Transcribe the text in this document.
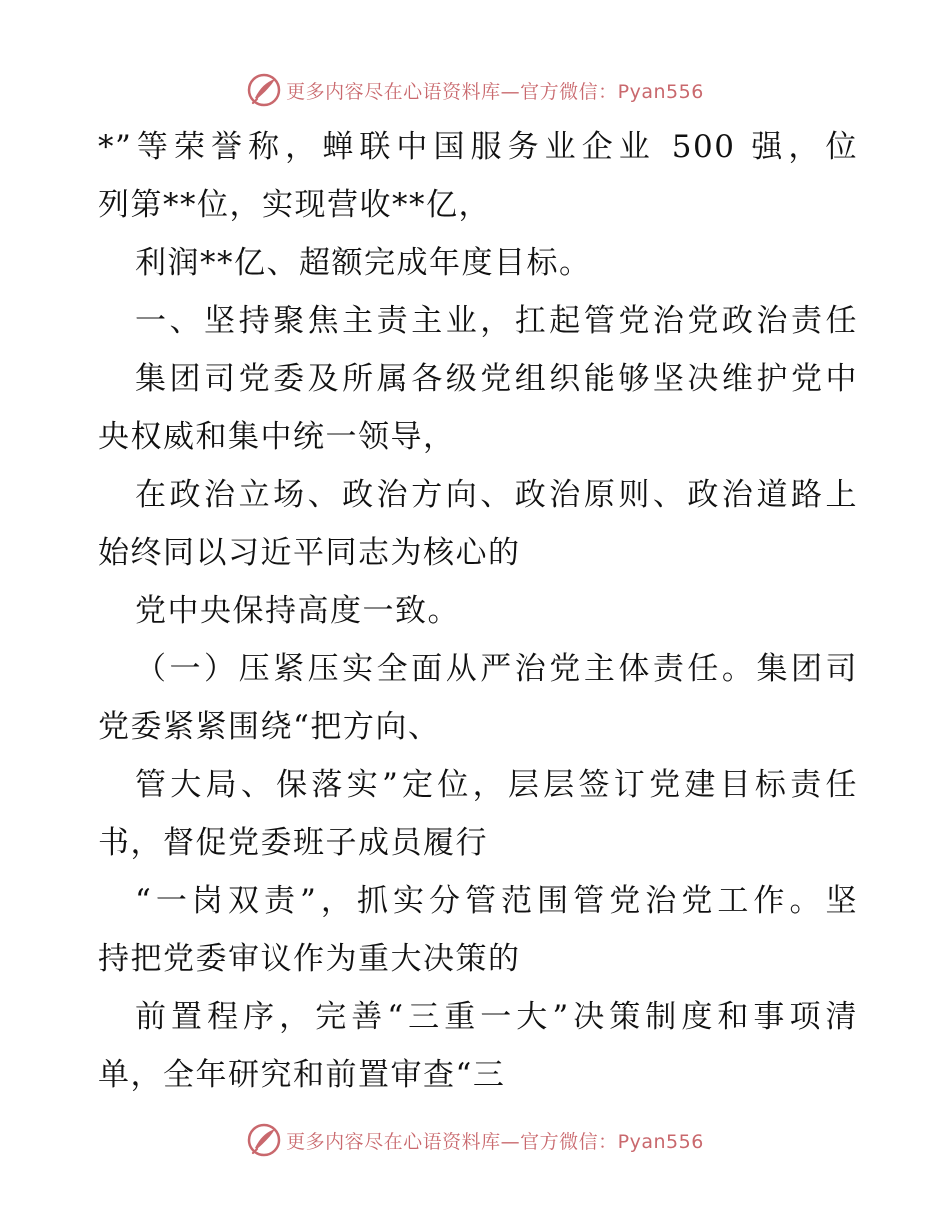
更多内容尽在心语资料库—官方微信：Pyan556
*”等荣誉称，蝉联中国服务业企业 500 强，位
列第**位，实现营收**亿，
利润**亿、超额完成年度目标。
一、坚持聚焦主责主业，扛起管党治党政治责任
集团司党委及所属各级党组织能够坚决维护党中
央权威和集中统一领导，
在政治立场、政治方向、政治原则、政治道路上
始终同以习近平同志为核心的
党中央保持高度一致。
（一）压紧压实全面从严治党主体责任。集团司
党委紧紧围绕“把方向、
管大局、保落实”定位，层层签订党建目标责任
书，督促党委班子成员履行
“一岗双责”，抓实分管范围管党治党工作。坚
持把党委审议作为重大决策的
前置程序，完善“三重一大”决策制度和事项清
单，全年研究和前置审查“三
更多内容尽在心语资料库—官方微信：Pyan556
